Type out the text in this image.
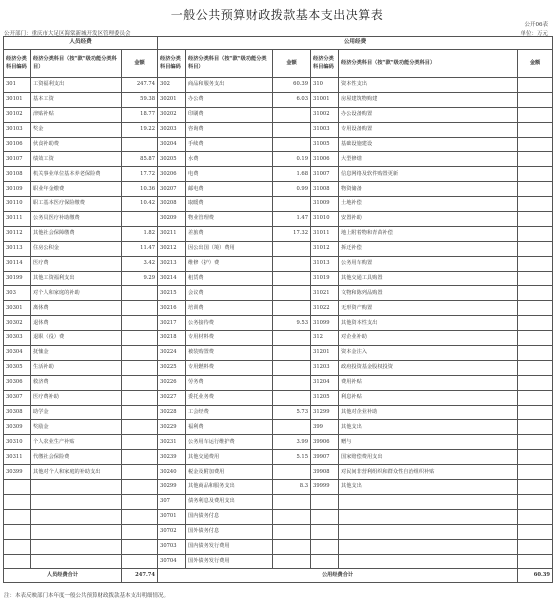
一般公共预算财政拨款基本支出决算表
公开06表
公开部门：重庆市大足区海棠新城开发区管理委员会	单位：万元
人员经费			公用经费					
经济分类科目编码	经济分类科目（按“款”级功能分类科目）	金额	经济分类科目编码	经济分类科目（按“款”级功能分类科目）	金额	经济分类科目编码	经济分类科目（按“款”级功能分类科目）	金额
301	工资福利支出	247.74	302	商品和服务支出	60.39	310	资本性支出	
30101	基本工资	59.38	30201	办公费	6.03	31001	房屋建筑物购建	
30102	津贴补贴	18.77	30202	印刷费		31002	办公设备购置	
30103	奖金	19.22	30203	咨询费		31003	专用设备购置	
30106	伙食补助费		30204	手续费		31005	基础设施建设	
30107	绩效工资	85.87	30205	水费	0.19	31006	大型修缮	
30108	机关事业单位基本养老保险费	17.72	30206	电费	1.68	31007	信息网络及软件购置更新	
30109	职业年金缴费	10.36	30207	邮电费	0.99	31008	物资储备	
30110	职工基本医疗保险缴费	10.42	30208	取暖费		31009	土地补偿	
30111	公务员医疗补助缴费		30209	物业管理费	1.47	31010	安置补助	
30112	其他社会保障缴费	1.82	30211	差旅费	17.32	31011	地上附着物和青苗补偿	
30113	住房公积金	11.47	30212	因公出国（境）费用		31012	拆迁补偿	
30114	医疗费	3.42	30213	维修（护）费		31013	公务用车购置	
30199	其他工资福利支出	9.29	30214	租赁费		31019	其他交通工具购置	
303	对个人和家庭的补助		30215	会议费		31021	文物和陈列品购置	
30301	离休费		30216	培训费		31022	无形资产购置	
30302	退休费		30217	公务接待费	9.53	31099	其他资本性支出	
30303	退职（役）费		30218	专用材料费		312	对企业补助	
30304	抚恤金		30224	被装购置费		31201	资本金注入	
30305	生活补助		30225	专用燃料费		31203	政府投资基金股权投资	
30306	救济费		30226	劳务费		31204	费用补贴	
30307	医疗费补助		30227	委托业务费		31205	利息补贴	
30308	助学金		30228	工会经费	5.73	31299	其他对企业补助	
30309	奖励金		30229	福利费		399	其他支出	
30310	个人农业生产补贴		30231	公务用车运行维护费	3.99	39906	赠与	
30311	代缴社会保险费		30239	其他交通费用	5.15	39907	国家赔偿费用支出	
30399	其他对个人和家庭的补助支出		30240	税金及附加费用		39908	对民间非营利组织和群众性自治组织补贴	
			30299	其他商品和服务支出	8.3	39999	其他支出	
			307	债务利息及费用支出				
			30701	国内债务付息				
			30702	国外债务付息				
			30703	国内债务发行费用				
			30704	国外债务发行费用				
人员经费合计		247.74	公用经费合计					60.39
注：本表反映部门本年度一般公共预算财政拨款基本支出明细情况。
